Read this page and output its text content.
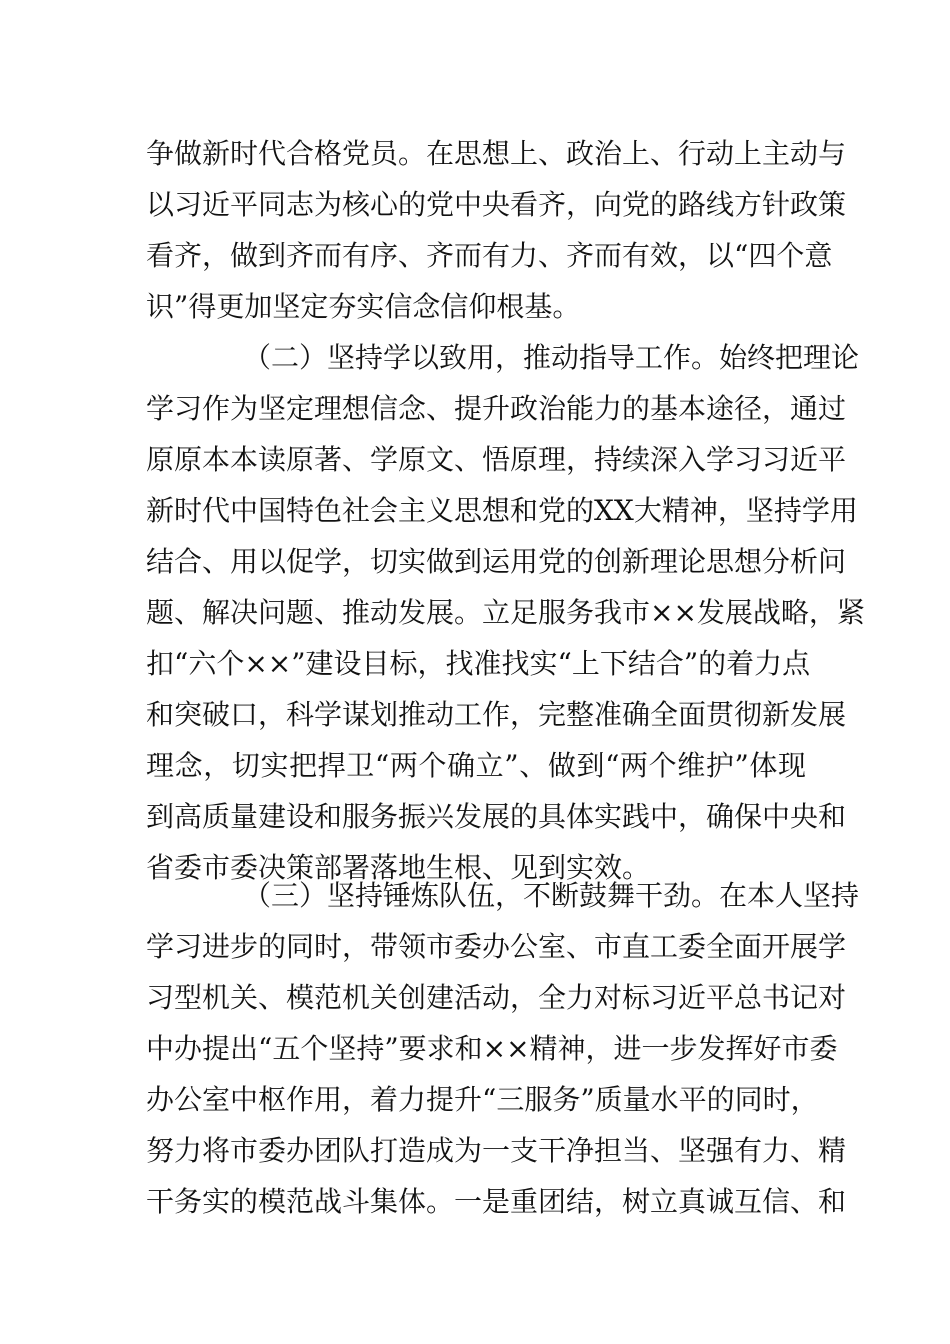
争做新时代合格党员。在思想上、政治上、行动上主动与
以习近平同志为核心的党中央看齐，向党的路线方针政策
看齐，做到齐而有序、齐而有力、齐而有效，以“四个意
识”得更加坚定夯实信念信仰根基。
（二）坚持学以致用，推动指导工作。始终把理论
学习作为坚定理想信念、提升政治能力的基本途径，通过
原原本本读原著、学原文、悟原理，持续深入学习习近平
新时代中国特色社会主义思想和党的XX大精神，坚持学用
结合、用以促学，切实做到运用党的创新理论思想分析问
题、解决问题、推动发展。立足服务我市××发展战略，紧
扣“六个××”建设目标，找准找实“上下结合”的着力点
和突破口，科学谋划推动工作，完整准确全面贯彻新发展
理念，切实把捍卫“两个确立”、做到“两个维护”体现
到高质量建设和服务振兴发展的具体实践中，确保中央和
省委市委决策部署落地生根、见到实效。
（三）坚持锤炼队伍，不断鼓舞干劲。在本人坚持
学习进步的同时，带领市委办公室、市直工委全面开展学
习型机关、模范机关创建活动，全力对标习近平总书记对
中办提出“五个坚持”要求和××精神，进一步发挥好市委
办公室中枢作用，着力提升“三服务”质量水平的同时，
努力将市委办团队打造成为一支干净担当、坚强有力、精
干务实的模范战斗集体。一是重团结，树立真诚互信、和
